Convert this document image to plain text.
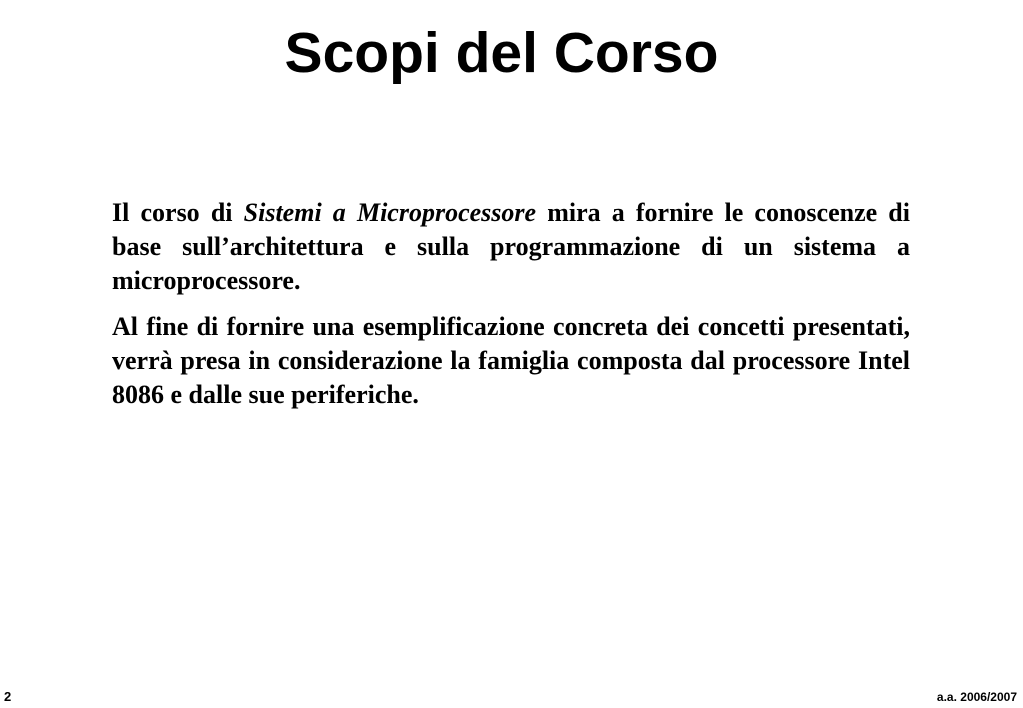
Scopi del Corso

Il corso di Sistemi a Microprocessore mira a fornire le conoscenze di base sull’architettura e sulla programmazione di un sistema a microprocessore.

Al fine di fornire una esemplificazione concreta dei concetti presentati, verrà presa in considerazione la famiglia composta dal processore Intel 8086 e dalle sue periferiche.

2	a.a. 2006/2007
